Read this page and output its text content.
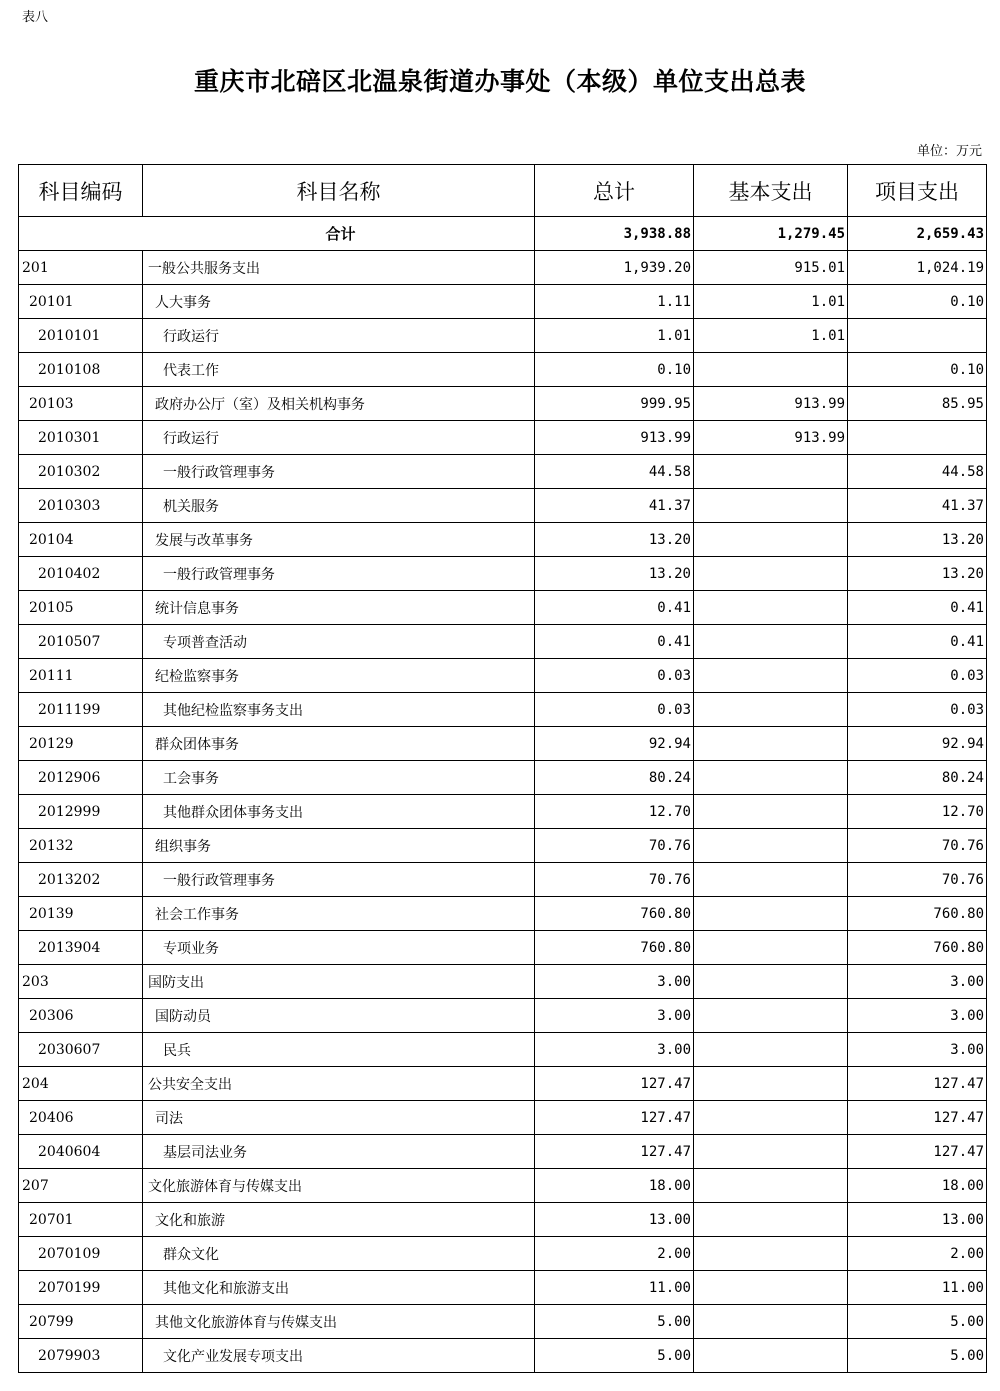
表八
重庆市北碚区北温泉街道办事处（本级）单位支出总表
单位：万元
科目编码	科目名称	总计	基本支出	项目支出
合计		3,938.88	1,279.45	2,659.43
201	一般公共服务支出	1,939.20	915.01	1,024.19
20101	人大事务	1.11	1.01	0.10
2010101	行政运行	1.01	1.01	
2010108	代表工作	0.10		0.10
20103	政府办公厅（室）及相关机构事务	999.95	913.99	85.95
2010301	行政运行	913.99	913.99	
2010302	一般行政管理事务	44.58		44.58
2010303	机关服务	41.37		41.37
20104	发展与改革事务	13.20		13.20
2010402	一般行政管理事务	13.20		13.20
20105	统计信息事务	0.41		0.41
2010507	专项普查活动	0.41		0.41
20111	纪检监察事务	0.03		0.03
2011199	其他纪检监察事务支出	0.03		0.03
20129	群众团体事务	92.94		92.94
2012906	工会事务	80.24		80.24
2012999	其他群众团体事务支出	12.70		12.70
20132	组织事务	70.76		70.76
2013202	一般行政管理事务	70.76		70.76
20139	社会工作事务	760.80		760.80
2013904	专项业务	760.80		760.80
203	国防支出	3.00		3.00
20306	国防动员	3.00		3.00
2030607	民兵	3.00		3.00
204	公共安全支出	127.47		127.47
20406	司法	127.47		127.47
2040604	基层司法业务	127.47		127.47
207	文化旅游体育与传媒支出	18.00		18.00
20701	文化和旅游	13.00		13.00
2070109	群众文化	2.00		2.00
2070199	其他文化和旅游支出	11.00		11.00
20799	其他文化旅游体育与传媒支出	5.00		5.00
2079903	文化产业发展专项支出	5.00		5.00
